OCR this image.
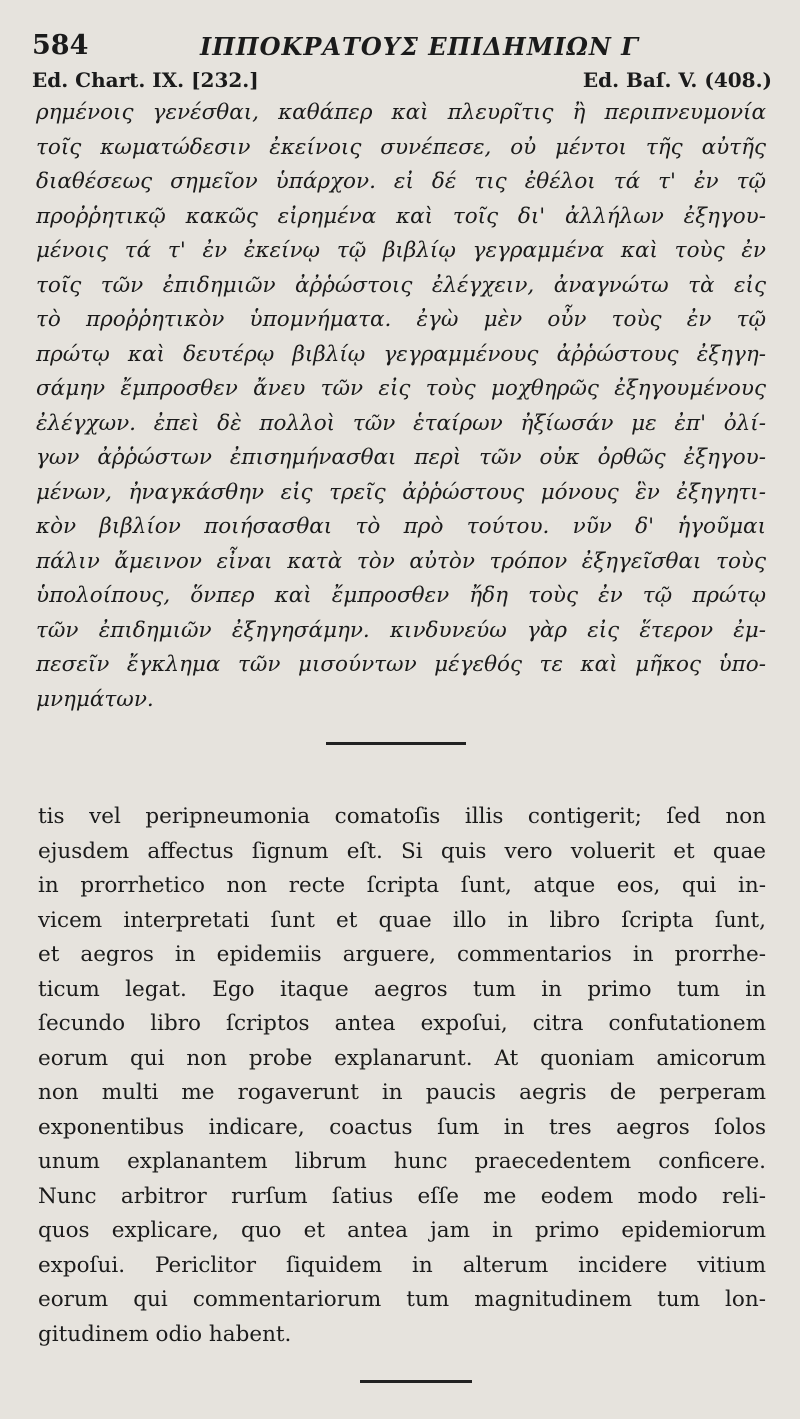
584	ΙΠΠΟΚΡΑΤΟΥΣ ΕΠΙΔΗΜΙΩΝ Γ
Ed. Chart. IX. [232.]	Ed. Baſ. V. (408.)
ρημένοις γενέσθαι, καθάπερ καὶ πλευρῖτις ἢ περιπνευμονία
τοῖς κωματώδεσιν ἐκείνοις συνέπεσε, οὐ μέντοι τῆς αὐτῆς
διαθέσεως σημεῖον ὑπάρχον. εἰ δέ τις ἐθέλοι τά τ' ἐν τῷ
προῤῥητικῷ κακῶς εἰρημένα καὶ τοῖς δι' ἀλλήλων ἐξηγου-
μένοις τά τ' ἐν ἐκείνῳ τῷ βιβλίῳ γεγραμμένα καὶ τοὺς ἐν
τοῖς τῶν ἐπιδημιῶν ἀῤῥώστοις ἐλέγχειν, ἀναγνώτω τὰ εἰς
τὸ προῤῥητικὸν ὑπομνήματα. ἐγὼ μὲν οὖν τοὺς ἐν τῷ
πρώτῳ καὶ δευτέρῳ βιβλίῳ γεγραμμένους ἀῤῥώστους ἐξηγη-
σάμην ἔμπροσθεν ἄνευ τῶν εἰς τοὺς μοχθηρῶς ἐξηγουμένους
ἐλέγχων. ἐπεὶ δὲ πολλοὶ τῶν ἑταίρων ἠξίωσάν με ἐπ' ὀλί-
γων ἀῤῥώστων ἐπισημήνασθαι περὶ τῶν οὐκ ὀρθῶς ἐξηγου-
μένων, ἠναγκάσθην εἰς τρεῖς ἀῤῥώστους μόνους ἓν ἐξηγητι-
κὸν βιβλίον ποιήσασθαι τὸ πρὸ τούτου. νῦν δ' ἡγοῦμαι
πάλιν ἄμεινον εἶναι κατὰ τὸν αὐτὸν τρόπον ἐξηγεῖσθαι τοὺς
ὑπολοίπους, ὅνπερ καὶ ἔμπροσθεν ἤδη τοὺς ἐν τῷ πρώτῳ
τῶν ἐπιδημιῶν ἐξηγησάμην. κινδυνεύω γὰρ εἰς ἕτερον ἐμ-
πεσεῖν ἔγκλημα τῶν μισούντων μέγεθός τε καὶ μῆκος ὑπο-
μνημάτων.
tis vel peripneumonia comatoſis illis contigerit; ſed non
ejusdem affectus ſignum eſt. Si quis vero voluerit et quae
in prorrhetico non recte ſcripta ſunt, atque eos, qui in-
vicem interpretati ſunt et quae illo in libro ſcripta ſunt,
et aegros in epidemiis arguere, commentarios in prorrhe-
ticum legat. Ego itaque aegros tum in primo tum in
ſecundo libro ſcriptos antea expoſui, citra confutationem
eorum qui non probe explanarunt. At quoniam amicorum
non multi me rogaverunt in paucis aegris de perperam
exponentibus indicare, coactus ſum in tres aegros ſolos
unum explanantem librum hunc praecedentem conficere.
Nunc arbitror rurſum ſatius eſſe me eodem modo reli-
quos explicare, quo et antea jam in primo epidemiorum
expoſui. Periclitor ſiquidem in alterum incidere vitium
eorum qui commentariorum tum magnitudinem tum lon-
gitudinem odio habent.
